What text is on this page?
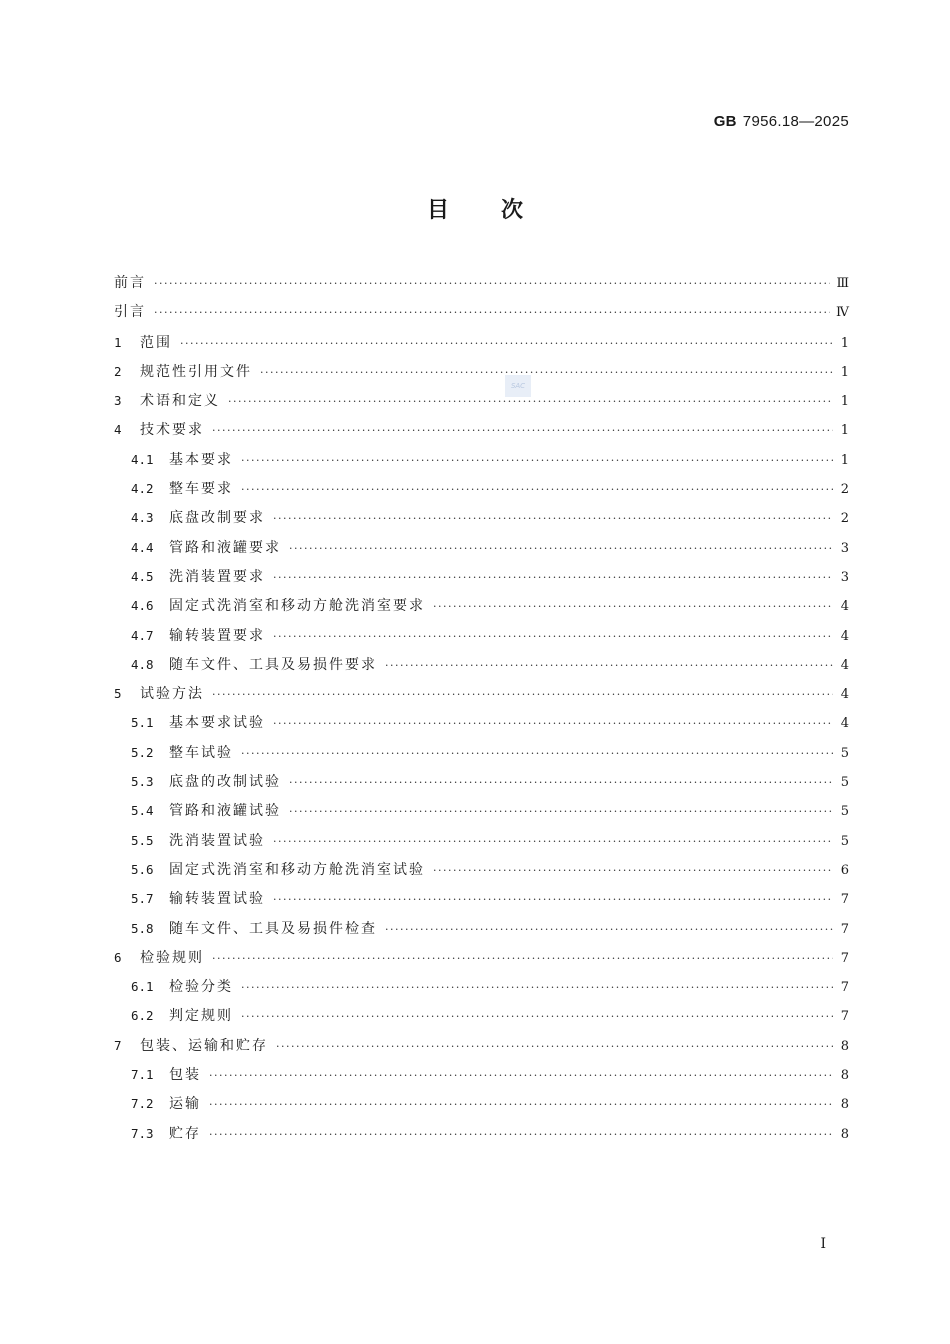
GB 7956.18—2025
目次
SAC
前言 ·····	Ⅲ
引言 ·····	Ⅳ
1	范围 ·····	1
2	规范性引用文件 ·····	1
3	术语和定义 ·····	1
4	技术要求 ·····	1
4.1	基本要求 ·····	1
4.2	整车要求 ·····	2
4.3	底盘改制要求 ·····	2
4.4	管路和液罐要求 ·····	3
4.5	洗消装置要求 ·····	3
4.6	固定式洗消室和移动方舱洗消室要求 ·····	4
4.7	输转装置要求 ·····	4
4.8	随车文件、工具及易损件要求 ·····	4
5	试验方法 ·····	4
5.1	基本要求试验 ·····	4
5.2	整车试验 ·····	5
5.3	底盘的改制试验 ·····	5
5.4	管路和液罐试验 ·····	5
5.5	洗消装置试验 ·····	5
5.6	固定式洗消室和移动方舱洗消室试验 ·····	6
5.7	输转装置试验 ·····	7
5.8	随车文件、工具及易损件检查 ·····	7
6	检验规则 ·····	7
6.1	检验分类 ·····	7
6.2	判定规则 ·····	7
7	包装、运输和贮存 ·····	8
7.1	包装 ·····	8
7.2	运输 ·····	8
7.3	贮存 ·····	8
Ⅰ
